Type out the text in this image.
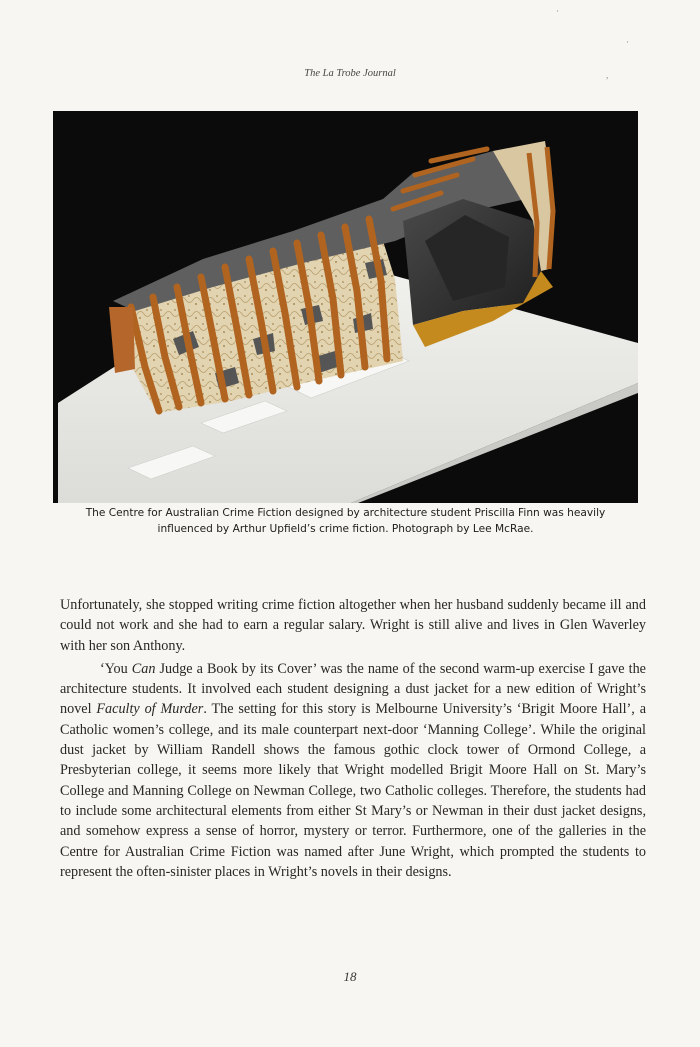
The La Trobe Journal
·
,
·
The Centre for Australian Crime Fiction designed by architecture student Priscilla Finn was heavily
influenced by Arthur Upfield’s crime fiction. Photograph by Lee McRae.

Unfortunately, she stopped writing crime fiction altogether when her husband suddenly became ill and could not work and she had to earn a regular salary. Wright is still alive and lives in Glen Waverley with her son Anthony.

‘You Can Judge a Book by its Cover’ was the name of the second warm-up exercise I gave the architecture students. It involved each student designing a dust jacket for a new edition of Wright’s novel Faculty of Murder. The setting for this story is Melbourne University’s ‘Brigit Moore Hall’, a Catholic women’s college, and its male counterpart next-door ‘Manning College’. While the original dust jacket by William Randell shows the famous gothic clock tower of Ormond College, a Presbyterian college, it seems more likely that Wright modelled Brigit Moore Hall on St. Mary’s College and Manning College on Newman College, two Catholic colleges. Therefore, the students had to include some architectural elements from either St Mary’s or Newman in their dust jacket designs, and somehow express a sense of horror, mystery or terror. Furthermore, one of the galleries in the Centre for Australian Crime Fiction was named after June Wright, which prompted the students to represent the often-sinister places in Wright’s novels in their designs.

18
